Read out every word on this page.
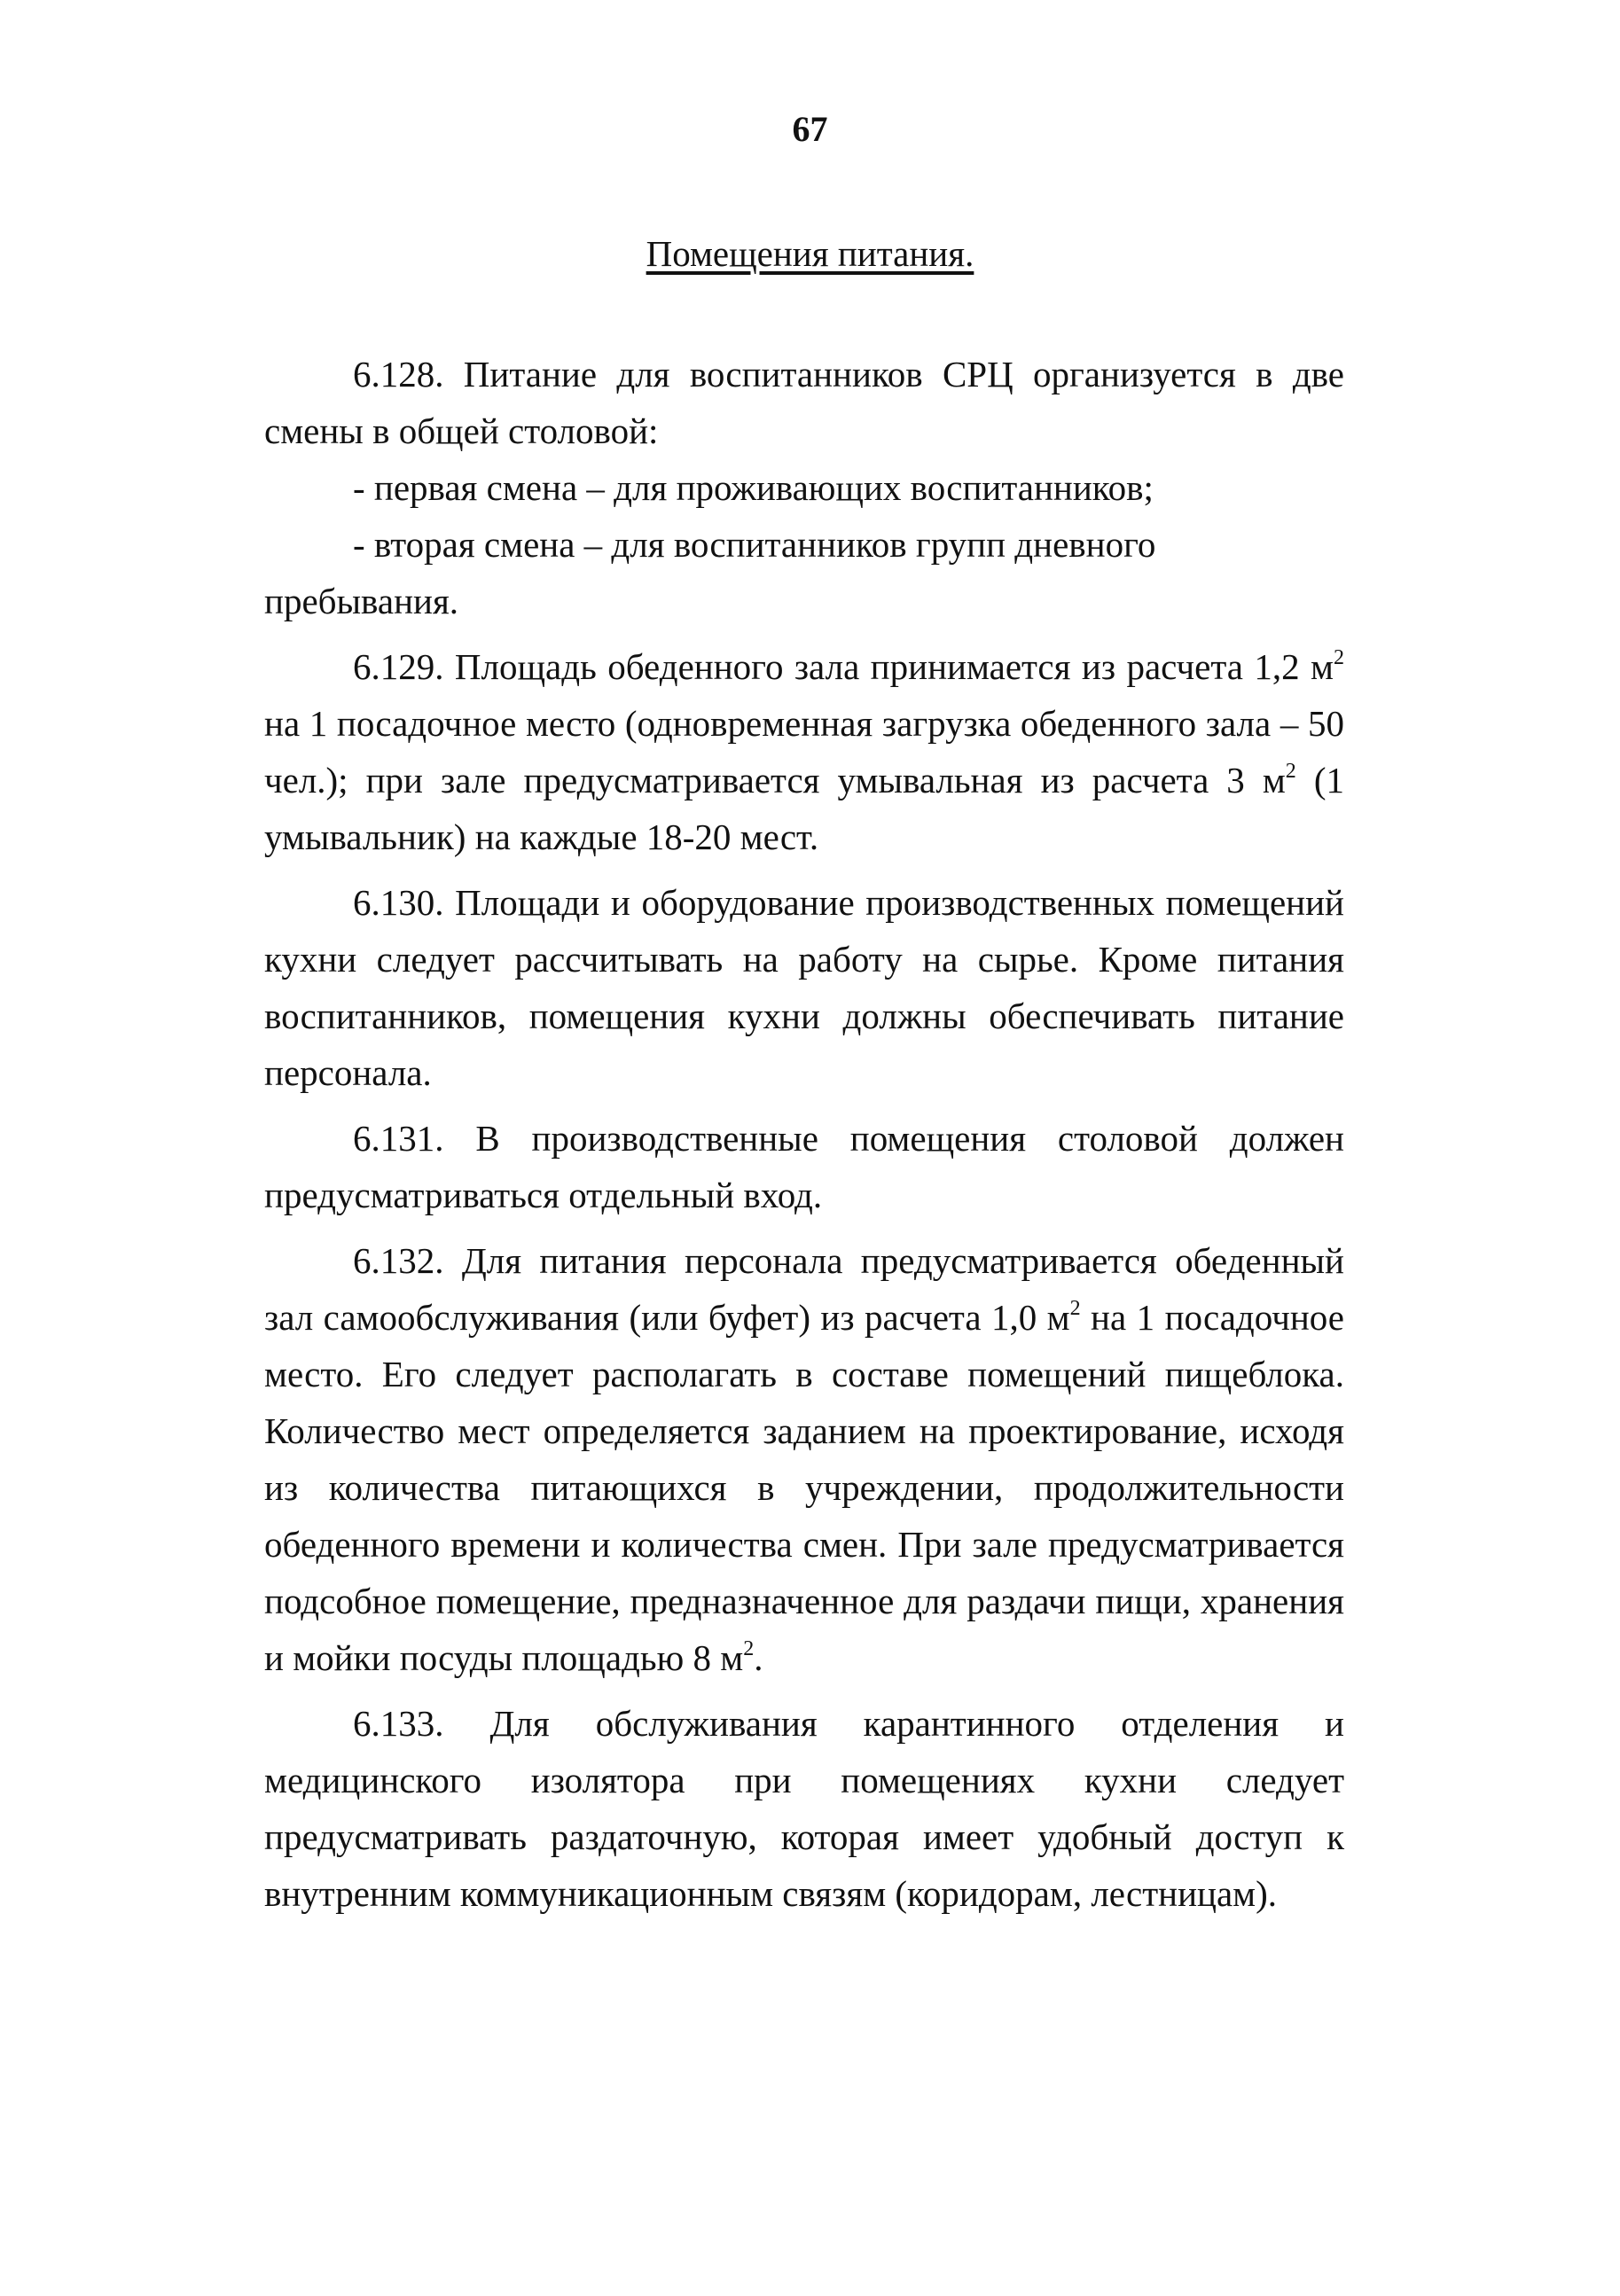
67
Помещения питания.

6.128. Питание для воспитанников СРЦ организуется в две смены в общей столовой:

- первая смена – для проживающих воспитанников;

- вторая смена – для воспитанников групп дневного пребывания.

6.129. Площадь обеденного зала принимается из расчета 1,2 $м^2$ на 1 посадочное место (одновременная загрузка обеденного зала – 50 чел.); при зале предусматривается умывальная из расчета 3 $м^2$ (1 умывальник) на каждые 18-20 мест.

6.130. Площади и оборудование производственных помещений кухни следует рассчитывать на работу на сырье. Кроме питания воспитанников, помещения кухни должны обеспечивать питание персонала.

6.131. В производственные помещения столовой должен предусматриваться отдельный вход.

6.132. Для питания персонала предусматривается обеденный зал самообслуживания (или буфет) из расчета 1,0 $м^2$ на 1 посадочное место. Его следует располагать в составе помещений пищеблока. Количество мест определяется заданием на проектирование, исходя из количества питающихся в учреждении, продолжительности обеденного времени и количества смен. При зале предусматривается подсобное помещение, предназначенное для раздачи пищи, хранения и мойки посуды площадью 8 $м^2$.

6.133. Для обслуживания карантинного отделения и медицинского изолятора при помещениях кухни следует предусматривать раздаточную, которая имеет удобный доступ к внутренним коммуникационным связям (коридорам, лестницам).
